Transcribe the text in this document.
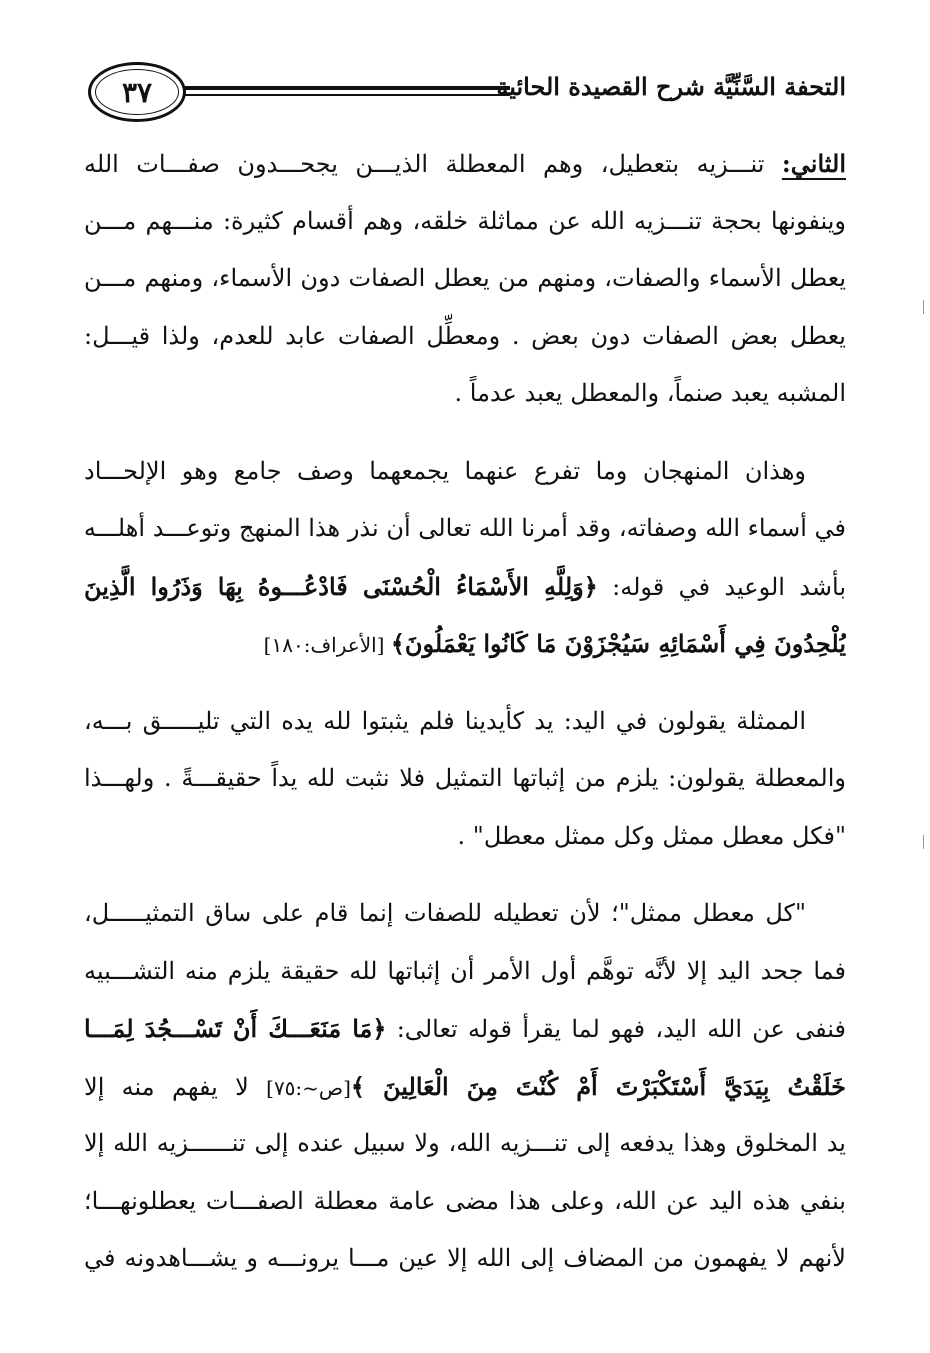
٣٧	التحفة السَّنِّيَّة شرح القصيدة الحائية
الثاني: تنـــزيه بتعطيل، وهم المعطلة الذيـــن يجحـــدون صفـــات الله
وينفونها بحجة تنـــزيه الله عن مماثلة خلقه، وهم أقسام كثيرة: منـــهم مـــن
يعطل الأسماء والصفات، ومنهم من يعطل الصفات دون الأسماء، ومنهم مـــن
يعطل بعض الصفات دون بعض . ومعطِّل الصفات عابد للعدم، ولذا قيـــل:
المشبه يعبد صنماً، والمعطل يعبد عدماً .
وهذان المنهجان وما تفرع عنهما يجمعهما وصف جامع وهو الإلحـــاد
في أسماء الله وصفاته، وقد أمرنا الله تعالى أن نذر هذا المنهج وتوعـــد أهلـــه
بأشد الوعيد في قوله: ﴿وَلِلَّهِ الأَسْمَاءُ الْحُسْنَى فَادْعُـــوهُ بِهَا وَذَرُوا الَّذِينَ
يُلْحِدُونَ فِي أَسْمَائِهِ سَيُجْزَوْنَ مَا كَانُوا يَعْمَلُونَ﴾ [الأعراف:١٨٠]
الممثلة يقولون في اليد: يد كأيدينا فلم يثبتوا لله يده التي تليـــــق بـــه،
والمعطلة يقولون: يلزم من إثباتها التمثيل فلا نثبت لله يداً حقيقـــةً . ولهـــذا
"فكل معطل ممثل وكل ممثل معطل" .
"كل معطل ممثل"؛ لأن تعطيله للصفات إنما قام على ساق التمثيـــــل،
فما جحد اليد إلا لأنَّه توهَّم أول الأمر أن إثباتها لله حقيقة يلزم منه التشـــبيه
فنفى عن الله اليد، فهو لما يقرأ قوله تعالى: ﴿مَا مَنَعَـــكَ أَنْ تَسْـــجُدَ لِمَـــا
خَلَقْتُ بِيَدَيَّ أَسْتَكْبَرْتَ أَمْ كُنْتَ مِنَ الْعَالِينَ ﴾[ص~:٧٥] لا يفهم منه إلا
يد المخلوق وهذا يدفعه إلى تنـــزيه الله، ولا سبيل عنده إلى تنــــــزيه الله إلا
بنفي هذه اليد عن الله، وعلى هذا مضى عامة معطلة الصفـــات يعطلونهـــا؛
لأنهم لا يفهمون من المضاف إلى الله إلا عين مـــا يرونـــه و يشـــاهدونه في
